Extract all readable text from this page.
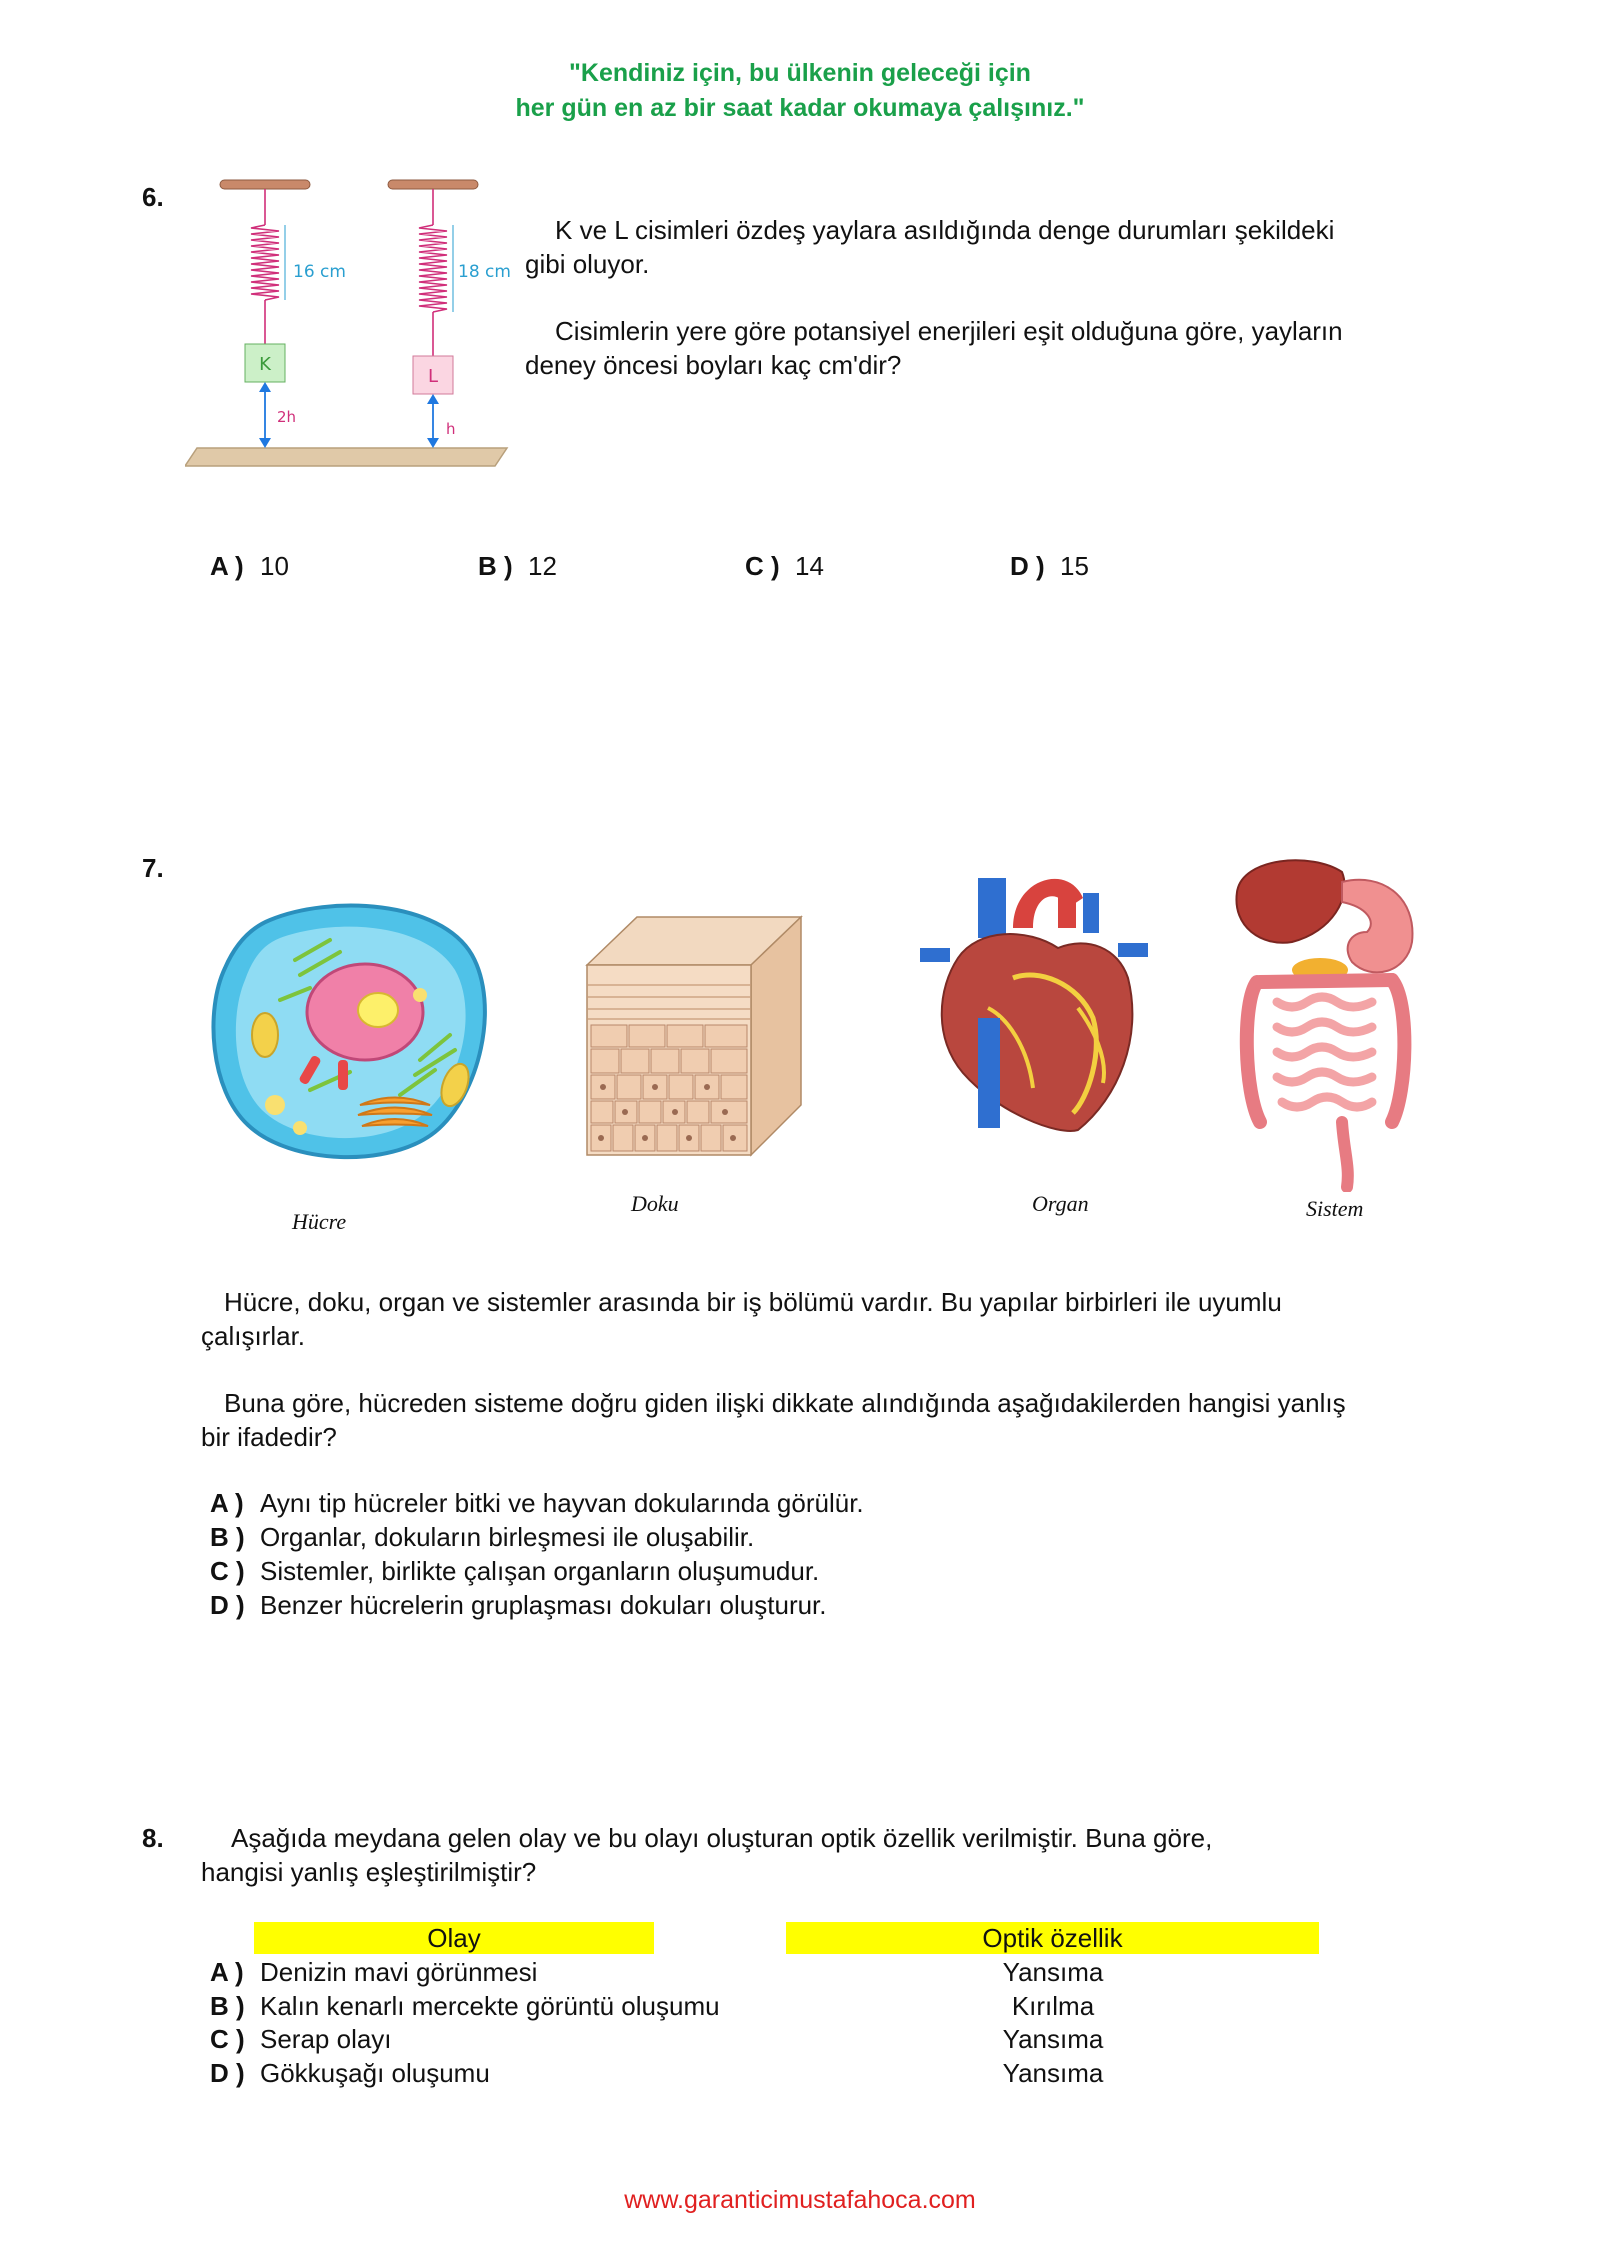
"Kendiniz için, bu ülkenin geleceği için
her gün en az bir saat kadar okumaya çalışınız."
6.
16 cm	18 cm
K
L
2h
h
K ve L cisimleri özdeş yaylara asıldığında denge durumları şekildeki
gibi oluyor.
Cisimlerin yere göre potansiyel enerjileri eşit olduğuna göre, yayların
deney öncesi boyları kaç cm'dir?
A ) 10	B ) 12	C ) 14	D ) 15
7.
Hücre
Doku	Organ	Sistem
Hücre, doku, organ ve sistemler arasında bir iş bölümü vardır. Bu yapılar birbirleri ile uyumlu
çalışırlar.
Buna göre, hücreden sisteme doğru giden ilişki dikkate alındığında aşağıdakilerden hangisi yanlış
bir ifadedir?
A ) Aynı tip hücreler bitki ve hayvan dokularında görülür.
B ) Organlar, dokuların birleşmesi ile oluşabilir.
C ) Sistemler, birlikte çalışan organların oluşumudur.
D ) Benzer hücrelerin gruplaşması dokuları oluşturur.
8.	Aşağıda meydana gelen olay ve bu olayı oluşturan optik özellik verilmiştir. Buna göre,
hangisi yanlış eşleştirilmiştir?
Olay	Optik özellik
A ) Denizin mavi görünmesi	Yansıma
B ) Kalın kenarlı mercekte görüntü oluşumu	Kırılma
C ) Serap olayı	Yansıma
D ) Gökkuşağı oluşumu	Yansıma
www.garanticimustafahoca.com
